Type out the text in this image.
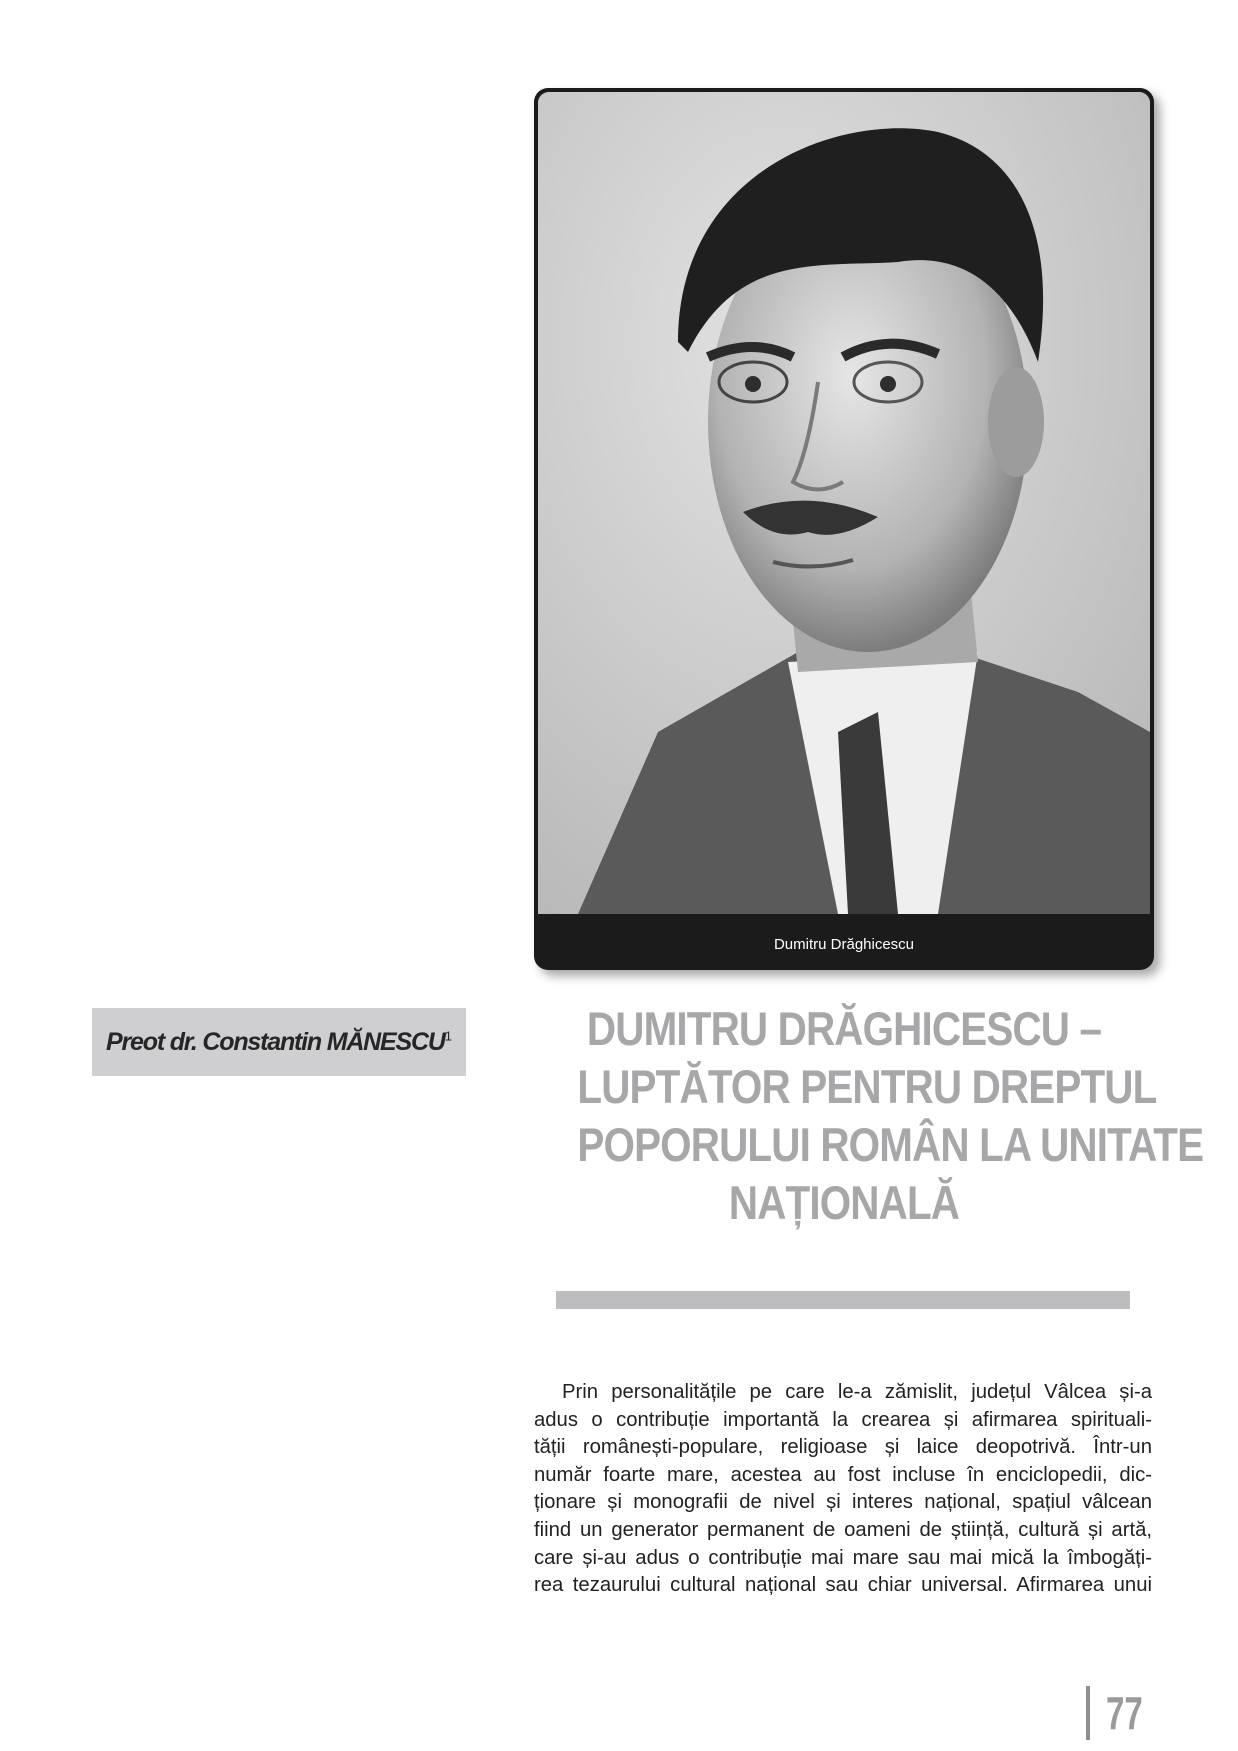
Dumitru Drăghicescu
Preot dr. Constantin MĂNESCU$^1$	DUMITRU DRĂGHICESCU –
LUPTĂTOR PENTRU DREPTUL
POPORULUI ROMÂN LA UNITATE
NAȚIONALĂ
Prin personalitățile pe care le-a zămislit, județul Vâlcea și-a
adus o contribuție importantă la crearea și afirmarea spirituali-
tății românești-populare, religioase și laice deopotrivă. Într-un
număr foarte mare, acestea au fost incluse în enciclopedii, dic-
ționare și monografii de nivel și interes național, spațiul vâlcean
fiind un generator permanent de oameni de știință, cultură și artă,
care și-au adus o contribuție mai mare sau mai mică la îmbogăți-
rea tezaurului cultural național sau chiar universal. Afirmarea unui
77
